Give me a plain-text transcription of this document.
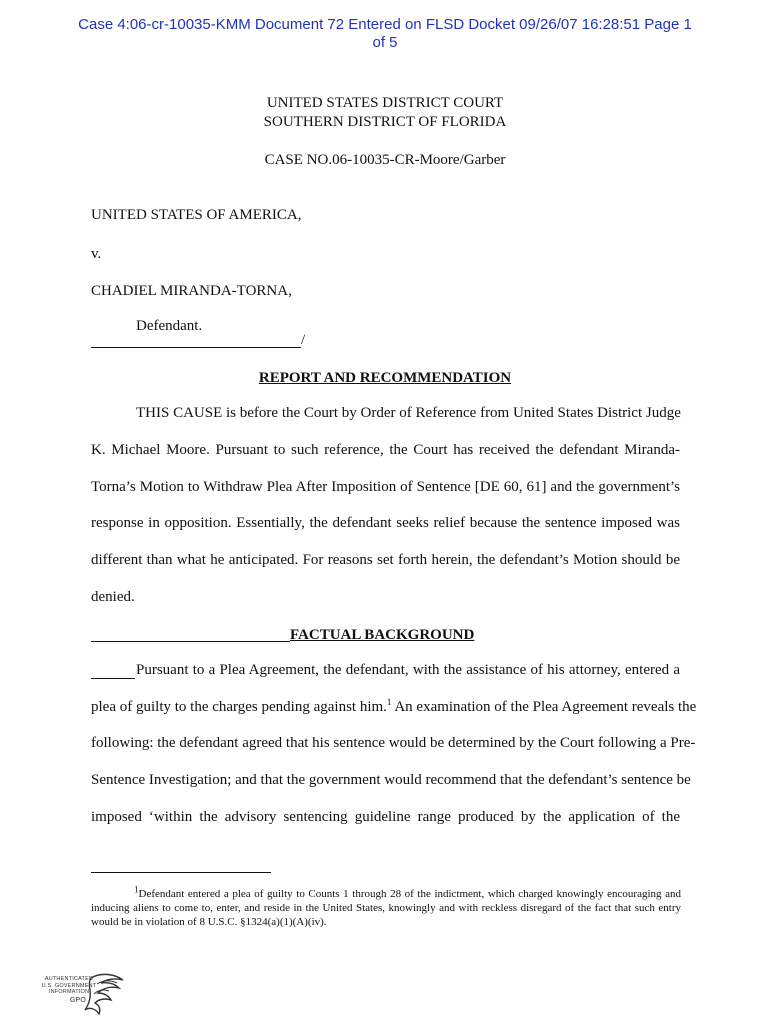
Case 4:06-cr-10035-KMM Document 72 Entered on FLSD Docket 09/26/07 16:28:51 Page 1
of 5
UNITED STATES DISTRICT COURT
SOUTHERN DISTRICT OF FLORIDA
CASE NO.06-10035-CR-Moore/Garber
UNITED STATES OF AMERICA,
v.
CHADIEL MIRANDA-TORNA,
Defendant.
/
REPORT AND RECOMMENDATION
THIS CAUSE is before the Court by Order of Reference from United States District Judge
K. Michael Moore. Pursuant to such reference, the Court has received the defendant Miranda-
Torna’s Motion to Withdraw Plea After Imposition of Sentence [DE 60, 61] and the government’s
response in opposition. Essentially, the defendant seeks relief because the sentence imposed was
different than what he anticipated. For reasons set forth herein, the defendant’s Motion should be
denied.
FACTUAL BACKGROUND
Pursuant to a Plea Agreement, the defendant, with the assistance of his attorney, entered a
plea of guilty to the charges pending against him.$^1$ An examination of the Plea Agreement reveals the
following: the defendant agreed that his sentence would be determined by the Court following a Pre-
Sentence Investigation; and that the government would recommend that the defendant’s sentence be
imposed ‘within the advisory sentencing guideline range produced by the application of the
$^1$Defendant entered a plea of guilty to Counts 1 through 28 of the indictment, which charged knowingly encouraging and
inducing aliens to come to, enter, and reside in the United States, knowingly and with reckless disregard of the fact that such entry
would be in violation of 8 U.S.C. §1324(a)(1)(A)(iv).
AUTHENTICATED
U.S. GOVERNMENT
INFORMATION
GPO
